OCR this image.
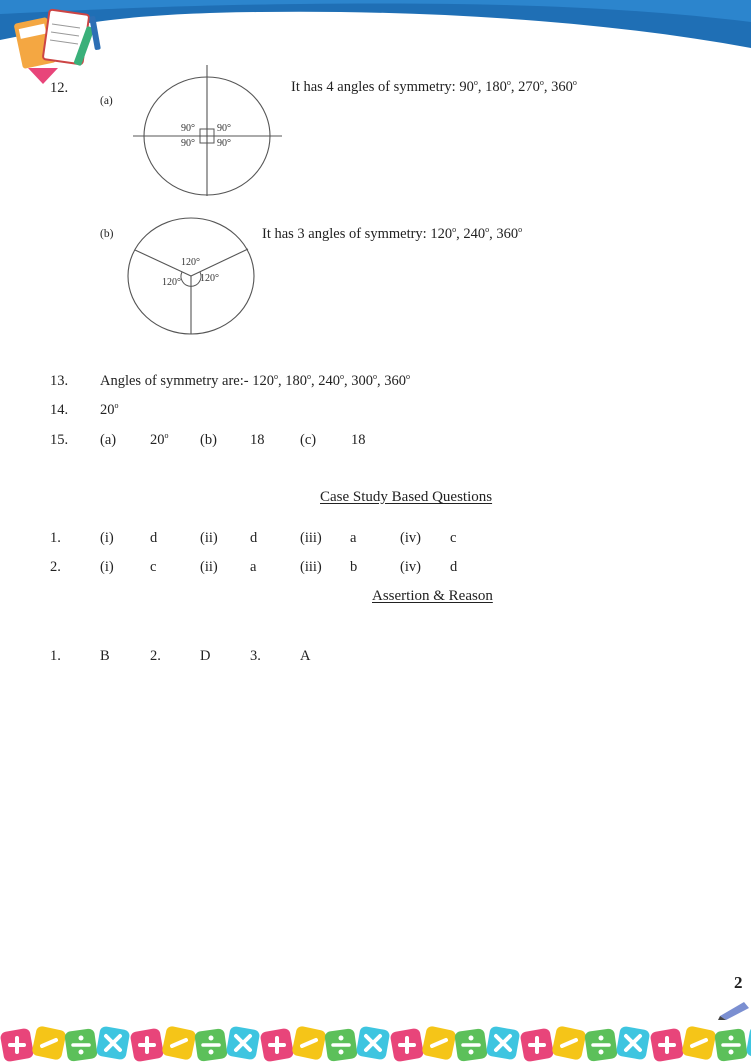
12.
(a)
90° 90°
90° 90°
It has 4 angles of symmetry: 90$^o$, 180$^o$, 270$^o$, 360$^o$
(b)
120°
120° 120°
It has 3 angles of symmetry: 120$^o$, 240$^o$, 360$^o$
13. Angles of symmetry are:- 120$^o$, 180$^o$, 240$^o$, 300$^o$, 360$^o$
14. 20$^o$
15. (a) 20$^o$ (b) 18 (c) 18
Case Study Based Questions
1.	(i)	d	(ii) d	(iii) a	(iv) c
2.	(i)	c	(ii) a	(iii) b	(iv) d
Assertion & Reason
1.	B	2.	D	3.	A
2
